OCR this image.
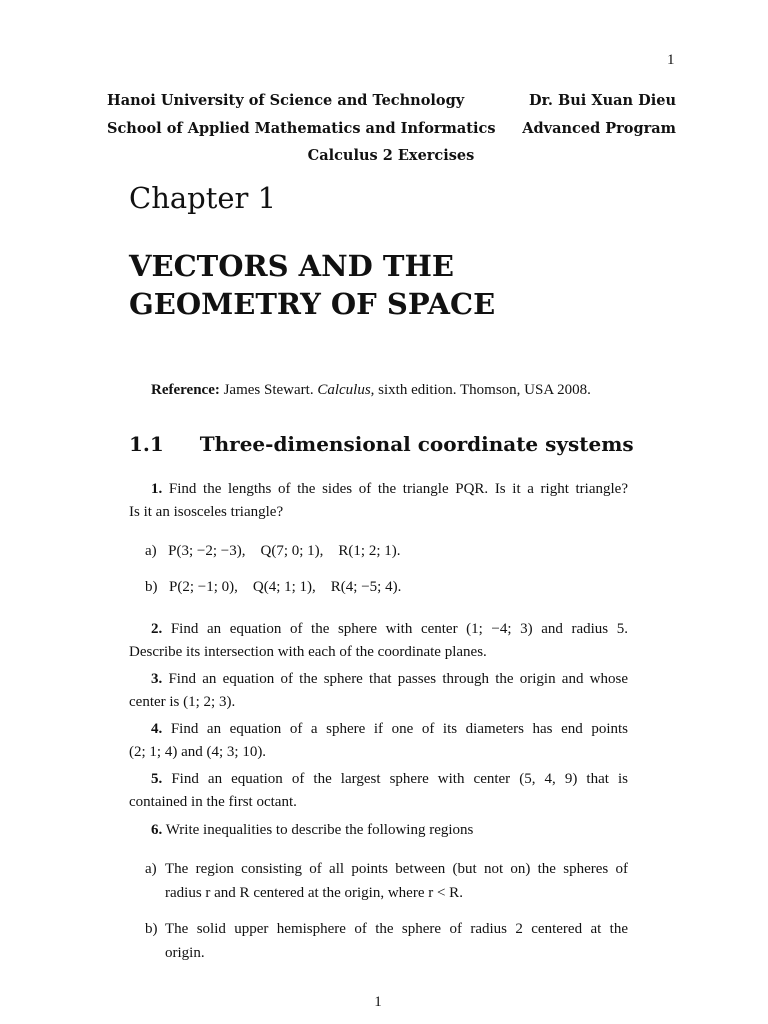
1
Hanoi University of Science and Technology
School of Applied Mathematics and Informatics
Dr. Bui Xuan Dieu
Advanced Program
Calculus 2 Exercises
Chapter 1
VECTORS AND THE
GEOMETRY OF SPACE
Reference: James Stewart. Calculus, sixth edition. Thomson, USA 2008.
1.1 Three-dimensional coordinate systems
1. Find the lengths of the sides of the triangle PQR. Is it a right triangle?
Is it an isosceles triangle?
a) P(3; −2; −3),    Q(7; 0; 1),    R(1; 2; 1).
b) P(2; −1; 0),    Q(4; 1; 1),    R(4; −5; 4).
2. Find an equation of the sphere with center (1; −4; 3) and radius 5.
Describe its intersection with each of the coordinate planes.
3. Find an equation of the sphere that passes through the origin and whose
center is (1; 2; 3).
4. Find an equation of a sphere if one of its diameters has end points
(2; 1; 4) and (4; 3; 10).
5. Find an equation of the largest sphere with center (5, 4, 9) that is
contained in the first octant.
6. Write inequalities to describe the following regions
a) The region consisting of all points between (but not on) the spheres of
radius r and R centered at the origin, where r < R.
b) The solid upper hemisphere of the sphere of radius 2 centered at the
origin.
1
